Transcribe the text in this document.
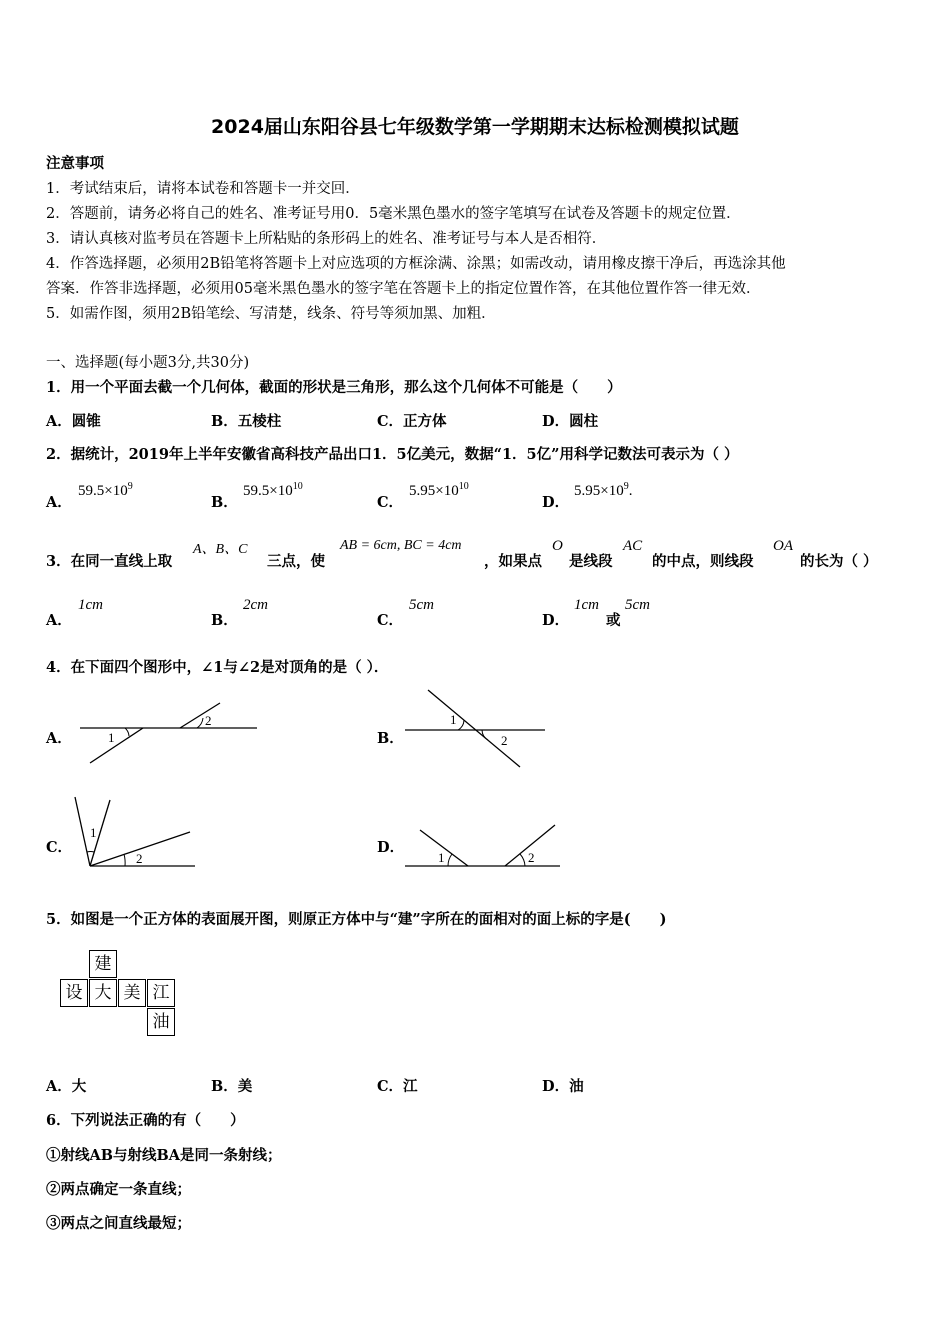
2024届山东阳谷县七年级数学第一学期期末达标检测模拟试题
注意事项
1．考试结束后，请将本试卷和答题卡一并交回．
2．答题前，请务必将自己的姓名、准考证号用0．5毫米黑色墨水的签字笔填写在试卷及答题卡的规定位置．
3．请认真核对监考员在答题卡上所粘贴的条形码上的姓名、准考证号与本人是否相符．
4．作答选择题，必须用2B铅笔将答题卡上对应选项的方框涂满、涂黑；如需改动，请用橡皮擦干净后，再选涂其他
答案．作答非选择题，必须用05毫米黑色墨水的签字笔在答题卡上的指定位置作答，在其他位置作答一律无效．
5．如需作图，须用2B铅笔绘、写清楚，线条、符号等须加黑、加粗．
一、选择题(每小题3分,共30分)
1．用一个平面去截一个几何体，截面的形状是三角形，那么这个几何体不可能是（　　）
A．圆锥	B．五棱柱	C．正方体	D．圆柱
2．据统计，2019年上半年安徽省高科技产品出口1．5亿美元，数据“1．5亿”用科学记数法可表示为（ ）
A．
$59.5\times 10^9$
B．
$59.5\times 10^{10}$
C．
$5.95\times 10^{10}$
D．
$5.95\times 10^9$.
3．在同一直线上取
A、B、C
三点，使
AB = 6cm, BC = 4cm
，如果点
O
是线段
AC
的中点，则线段
OA
的长为（ ）
A．
1cm
B．
2cm
C．
5cm
D．
1cm
或
5cm
4．在下面四个图形中，∠1与∠2是对顶角的是（ ）．
A．	1
2
B．
1
2
C．
1
2
D．
1	2
5．如图是一个正方体的表面展开图，则原正方体中与“建”字所在的面相对的面上标的字是(　　)
建
设 大 美 江
油
A．大	B．美	C．江	D．油
6．下列说法正确的有（　　）
①射线AB与射线BA是同一条射线；
②两点确定一条直线；
③两点之间直线最短；
